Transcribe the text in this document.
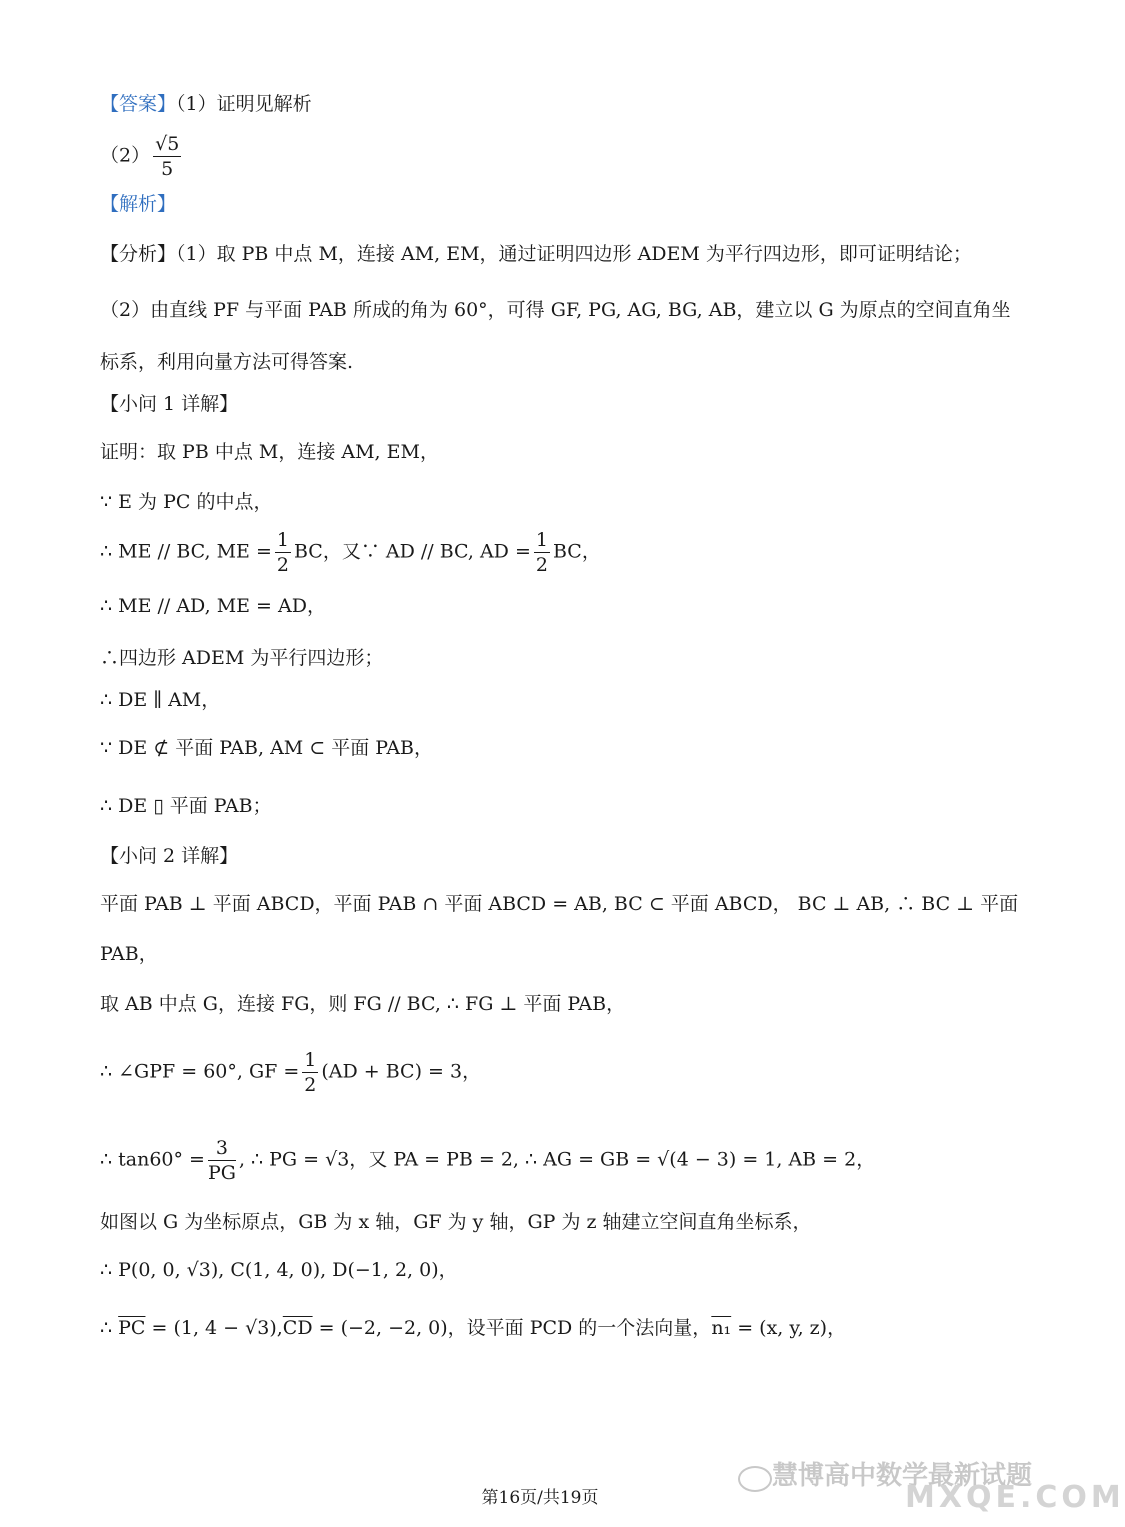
【答案】（1）证明见解析
$(2) \frac{√5}{5}$
【解析】
【分析】（1）取 PB 中点 M，连接 AM, EM，通过证明四边形 ADEM 为平行四边形，即可证明结论；
（2）由直线 PF 与平面 PAB 所成的角为 60°，可得 GF, PG, AG, BG, AB，建立以 G 为原点的空间直角坐
标系，利用向量方法可得答案.
【小问 1 详解】
证明：取 PB 中点 M，连接 AM, EM，
∵ E 为 PC 的中点，
∴ ME // BC, ME = $\frac{1}{2}$ BC，又∵ AD // BC, AD = $\frac{1}{2}$ BC，
∴ ME // AD, ME = AD，
∴四边形 ADEM 为平行四边形；
∴ DE ∥ AM，
∵ DE ⊄ 平面 PAB, AM ⊂ 平面 PAB，
∴ DE ▯ 平面 PAB；
【小问 2 详解】
平面 PAB ⊥ 平面 ABCD，平面 PAB ∩ 平面 ABCD = AB, BC ⊂ 平面 ABCD， BC ⊥ AB, ∴ BC ⊥ 平面
PAB，
取 AB 中点 G，连接 FG，则 FG // BC, ∴ FG ⊥ 平面 PAB，
∴ ∠GPF = 60°, GF = $\frac{1}{2} (AD + BC) = 3$，
∴ $\tan 60^\circ = \frac{3}{PG}$ , ∴ PG = √3，又 PA = PB = 2, ∴ AG = GB = √(4 − 3) = 1, AB = 2，
如图以 G 为坐标原点，GB 为 x 轴，GF 为 y 轴，GP 为 z 轴建立空间直角坐标系，
∴ P(0, 0, √3), C(1, 4, 0), D(−1, 2, 0)，
∴ $\overline{PC} = (1$, $4 - √3),\overline{CD} = (-2$, −2, 0)，设平面 PCD 的一个法向量，n₁ = (x, y, z)，
慧博高中数学最新试题
MXQE.COM
第16页/共19页
